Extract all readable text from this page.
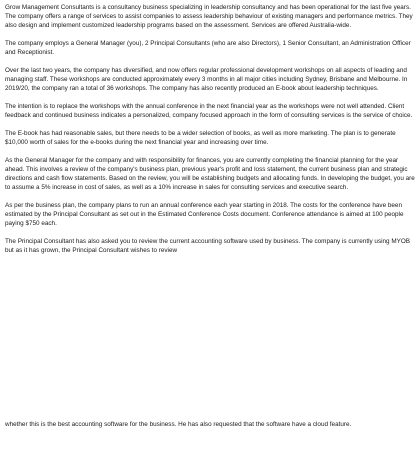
Grow Management Consultants is a consultancy business specializing in leadership consultancy and has been operational for the last five years. The company offers a range of services to assist companies to assess leadership behaviour of existing managers and performance metrics. They also design and implement customized leadership programs based on the assessment. Services are offered Australia-wide.

The company employs a General Manager (you), 2 Principal Consultants (who are also Directors), 1 Senior Consultant, an Administration Officer and Receptionist.

Over the last two years, the company has diversified, and now offers regular professional development workshops on all aspects of leading and managing staff. These workshops are conducted approximately every 3 months in all major cities including Sydney, Brisbane and Melbourne. In 2019/20, the company ran a total of 36 workshops. The company has also recently produced an E-book about leadership techniques.

The intention is to replace the workshops with the annual conference in the next financial year as the workshops were not well attended. Client feedback and continued business indicates a personalized, company focused approach in the form of consulting services is the service of choice.

The E-book has had reasonable sales, but there needs to be a wider selection of books, as well as more marketing. The plan is to generate $10,000 worth of sales for the e-books during the next financial year and increasing over time.

As the General Manager for the company and with responsibility for finances, you are currently completing the financial planning for the year ahead. This involves a review of the company's business plan, previous year's profit and loss statement, the current business plan and strategic directions and cash flow statements. Based on the review, you will be establishing budgets and allocating funds. In developing the budget, you are to assume a 5% increase in cost of sales, as well as a 10% increase in sales for consulting services and executive search.

As per the business plan, the company plans to run an annual conference each year starting in 2018. The costs for the conference have been estimated by the Principal Consultant as set out in the Estimated Conference Costs document. Conference attendance is aimed at 100 people paying $750 each.

The Principal Consultant has also asked you to review the current accounting software used by business. The company is currently using MYOB but as it has grown, the Principal Consultant wishes to review

whether this is the best accounting software for the business. He has also requested that the software have a cloud feature.
